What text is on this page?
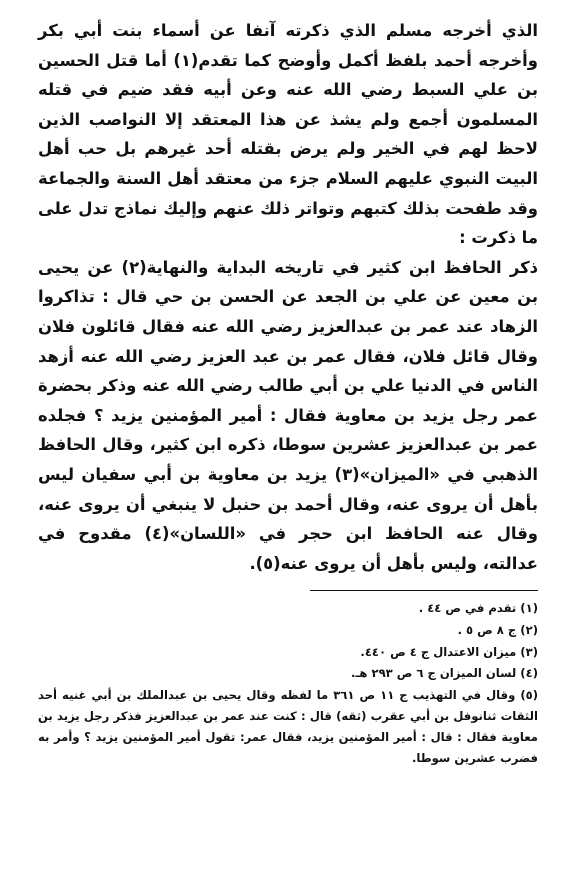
الذي أخرجه مسلم الذي ذكرته آنفا عن أسماء بنت أبي بكر وأخرجه أحمد بلفظ أكمل وأوضح كما تقدم(١) أما قتل الحسين بن علي السبط رضي الله عنه وعن أبيه فقد ضيم في قتله المسلمون أجمع ولم يشذ عن هذا المعتقد إلا النواصب الذين لاحظ لهم في الخير ولم يرض بقتله أحد غيرهم بل حب أهل البيت النبوي عليهم السلام جزء من معتقد أهل السنة والجماعة وقد طفحت بذلك كتبهم وتواتر ذلك عنهم وإليك نماذج تدل على ما ذكرت :

ذكر الحافظ ابن كثير في تاريخه البداية والنهاية(٢) عن يحيى بن معين عن علي بن الجعد عن الحسن بن حي قال : تذاكروا الزهاد عند عمر بن عبدالعزيز رضي الله عنه فقال قائلون فلان وقال قائل فلان، فقال عمر بن عبد العزيز رضي الله عنه أزهد الناس في الدنيا علي بن أبي طالب رضي الله عنه وذكر بحضرة عمر رجل يزيد بن معاوية فقال : أمير المؤمنين يزيد ؟ فجلده عمر بن عبدالعزيز عشرين سوطا، ذكره ابن كثير، وقال الحافظ الذهبي في «الميزان»(٣) يزيد بن معاوية بن أبي سفيان ليس بأهل أن يروى عنه، وقال أحمد بن حنبل لا ينبغي أن يروى عنه، وقال عنه الحافظ ابن حجر في «اللسان»(٤) مقدوح في عدالته، وليس بأهل أن يروى عنه(٥).

(١) تقدم في ص ٤٤ .

(٢) ج ٨ ص ٥ .

(٣) ميزان الاعتدال ج ٤ ص ٤٤٠.

(٤) لسان الميزان ج ٦ ص ٢٩٣ هـ.

(٥) وقال في التهذيب ج ١١ ص ٣٦١ ما لفظه وقال يحيى بن عبدالملك بن أبي غنيه أحد الثقات ثنانوفل بن أبي عقرب (ثقه) قال : كنت عند عمر بن عبدالعزيز فذكر رجل يزيد بن معاوية فقال : قال : أمير المؤمنين يزيد، فقال عمر: تقول أمير المؤمنين يزيد ؟ وأمر به فضرب عشرين سوطا.
